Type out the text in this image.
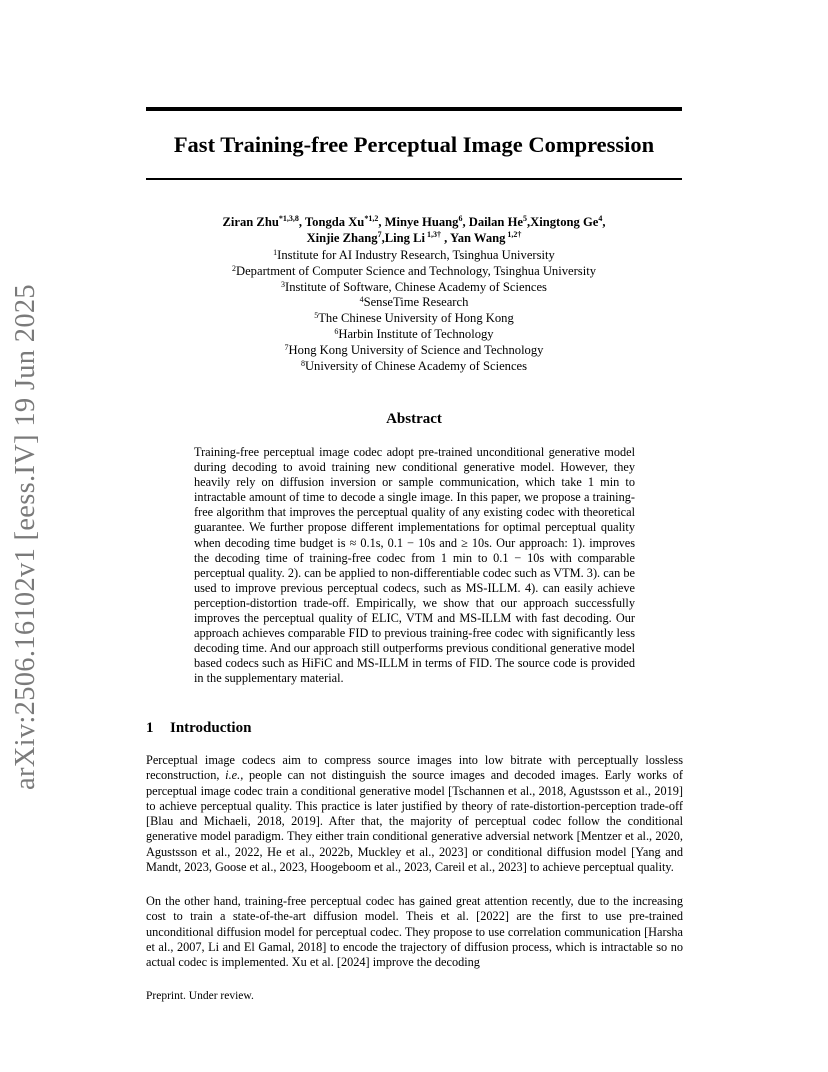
arXiv:2506.16102v1 [eess.IV] 19 Jun 2025
Fast Training-free Perceptual Image Compression
Ziran Zhu$^{*1,3,8}$, Tongda Xu$^{*1,2}$, Minye Huang$^6$, Dailan He$^5$,Xingtong Ge$^4$,
Xinjie Zhang$^7$,Ling Li $^{1,3\dagger}$ , Yan Wang $^{1,2\dagger}$
$^1$Institute for AI Industry Research, Tsinghua University
$^2$Department of Computer Science and Technology, Tsinghua University
$^3$Institute of Software, Chinese Academy of Sciences
$^4$SenseTime Research
$^5$The Chinese University of Hong Kong
$^6$Harbin Institute of Technology
$^7$Hong Kong University of Science and Technology
$^8$University of Chinese Academy of Sciences
Abstract
Training-free perceptual image codec adopt pre-trained unconditional generative model during decoding to avoid training new conditional generative model. However, they heavily rely on diffusion inversion or sample communication, which take 1 min to intractable amount of time to decode a single image. In this paper, we propose a training-free algorithm that improves the perceptual quality of any existing codec with theoretical guarantee. We further propose different implementations for optimal perceptual quality when decoding time budget is ≈ 0.1s, 0.1 − 10s and ≥ 10s. Our approach: 1). improves the decoding time of training-free codec from 1 min to 0.1 − 10s with comparable perceptual quality. 2). can be applied to non-differentiable codec such as VTM. 3). can be used to improve previous perceptual codecs, such as MS-ILLM. 4). can easily achieve perception-distortion trade-off. Empirically, we show that our approach successfully improves the perceptual quality of ELIC, VTM and MS-ILLM with fast decoding. Our approach achieves comparable FID to previous training-free codec with significantly less decoding time. And our approach still outperforms previous conditional generative model based codecs such as HiFiC and MS-ILLM in terms of FID. The source code is provided in the supplementary material.
1 Introduction
Perceptual image codecs aim to compress source images into low bitrate with perceptually lossless reconstruction, i.e., people can not distinguish the source images and decoded images. Early works of perceptual image codec train a conditional generative model [Tschannen et al., 2018, Agustsson et al., 2019] to achieve perceptual quality. This practice is later justified by theory of rate-distortion-perception trade-off [Blau and Michaeli, 2018, 2019]. After that, the majority of perceptual codec follow the conditional generative model paradigm. They either train conditional generative adversial network [Mentzer et al., 2020, Agustsson et al., 2022, He et al., 2022b, Muckley et al., 2023] or conditional diffusion model [Yang and Mandt, 2023, Goose et al., 2023, Hoogeboom et al., 2023, Careil et al., 2023] to achieve perceptual quality.
On the other hand, training-free perceptual codec has gained great attention recently, due to the increasing cost to train a state-of-the-art diffusion model. Theis et al. [2022] are the first to use pre-trained unconditional diffusion model for perceptual codec. They propose to use correlation communication [Harsha et al., 2007, Li and El Gamal, 2018] to encode the trajectory of diffusion process, which is intractable so no actual codec is implemented. Xu et al. [2024] improve the decoding
Preprint. Under review.
